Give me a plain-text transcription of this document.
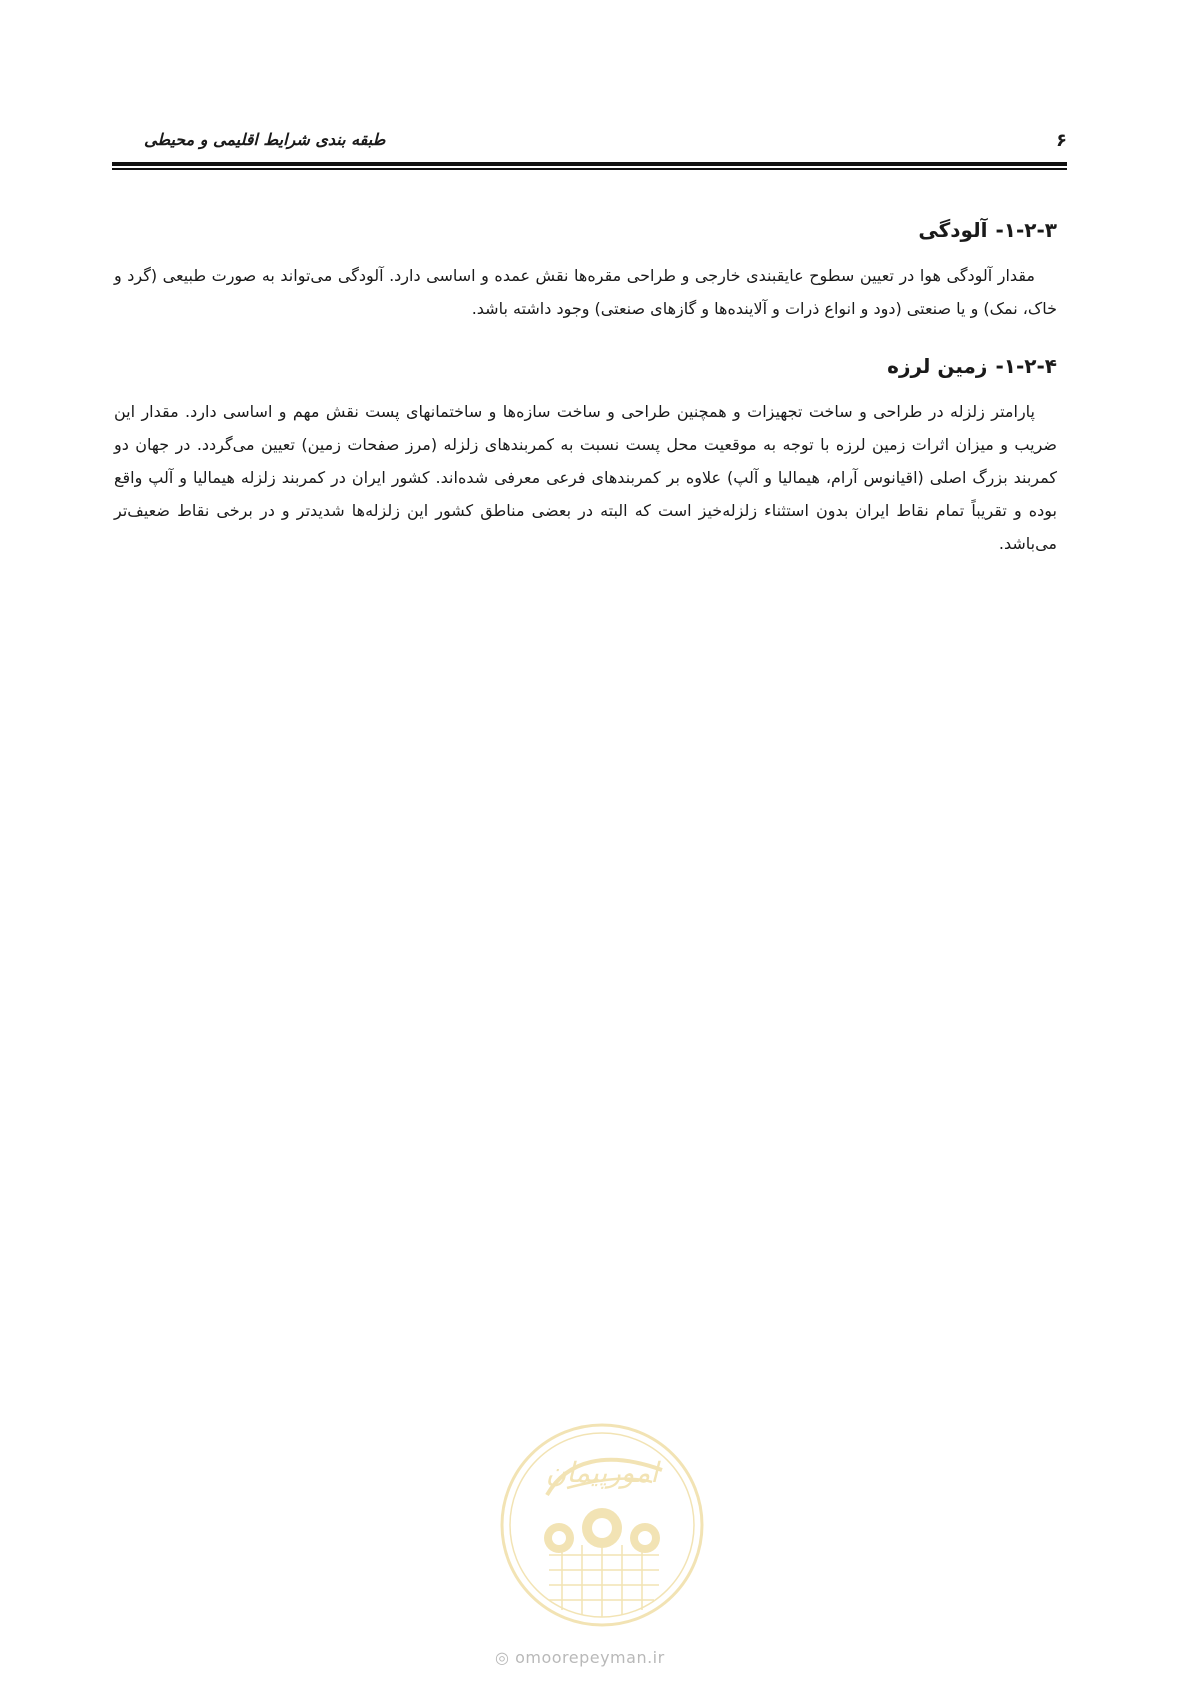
۶
طبقه بندی شرایط اقلیمی و محیطی
۱-۲-۳-آلودگی

مقدار آلودگی هوا در تعیین سطوح عایقبندی خارجی و طراحی مقره‌ها نقش عمده و اساسی دارد. آلودگی می‌تواند به صورت طبیعی (گرد و خاک، نمک) و یا صنعتی (دود و انواع ذرات و آلاینده‌ها و گازهای صنعتی) وجود داشته باشد.

۱-۲-۴-زمین لرزه

پارامتر زلزله در طراحی و ساخت تجهیزات و همچنین طراحی و ساخت سازه‌ها و ساختمانهای پست نقش مهم و اساسی دارد. مقدار این ضریب و میزان اثرات زمین لرزه با توجه به موقعیت محل پست نسبت به کمربندهای زلزله (مرز صفحات زمین) تعیین می‌گردد. در جهان دو کمربند بزرگ اصلی (اقیانوس آرام، هیمالیا و آلپ) علاوه بر کمربندهای فرعی معرفی شده‌اند. کشور ایران در کمربند زلزله هیمالیا و آلپ واقع بوده و تقریباً تمام نقاط ایران بدون استثناء زلزله‌خیز است که البته در بعضی مناطق کشور این زلزله‌ها شدیدتر و در برخی نقاط ضعیف‌تر می‌باشد.

امورپیمان
◎ omoorepeyman.ir
